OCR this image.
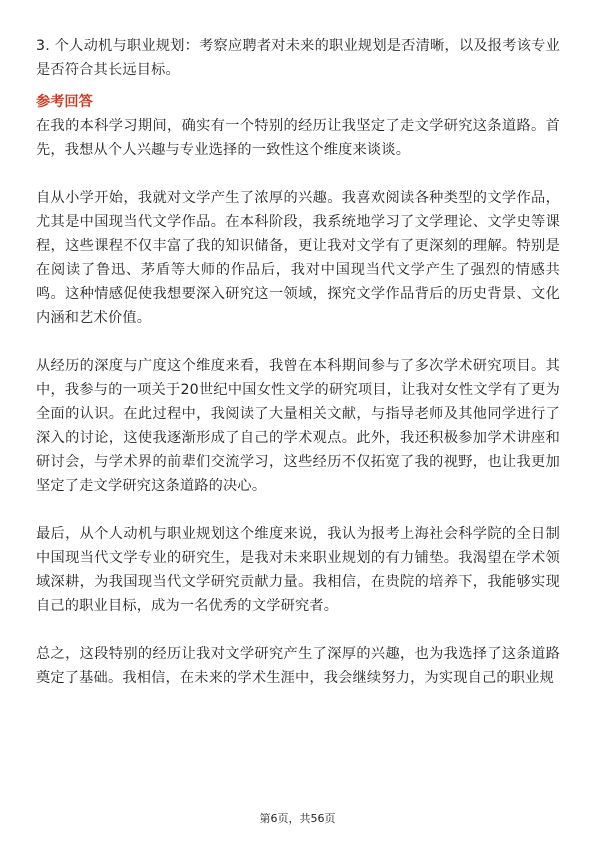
3. 个人动机与职业规划：考察应聘者对未来的职业规划是否清晰，以及报考该专业是否符合其长远目标。

参考回答

在我的本科学习期间，确实有一个特别的经历让我坚定了走文学研究这条道路。首先，我想从个人兴趣与专业选择的一致性这个维度来谈谈。

自从小学开始，我就对文学产生了浓厚的兴趣。我喜欢阅读各种类型的文学作品，尤其是中国现当代文学作品。在本科阶段，我系统地学习了文学理论、文学史等课程，这些课程不仅丰富了我的知识储备，更让我对文学有了更深刻的理解。特别是在阅读了鲁迅、茅盾等大师的作品后，我对中国现当代文学产生了强烈的情感共鸣。这种情感促使我想要深入研究这一领域，探究文学作品背后的历史背景、文化内涵和艺术价值。

从经历的深度与广度这个维度来看，我曾在本科期间参与了多次学术研究项目。其中，我参与的一项关于20世纪中国女性文学的研究项目，让我对女性文学有了更为全面的认识。在此过程中，我阅读了大量相关文献，与指导老师及其他同学进行了深入的讨论，这使我逐渐形成了自己的学术观点。此外，我还积极参加学术讲座和研讨会，与学术界的前辈们交流学习，这些经历不仅拓宽了我的视野，也让我更加坚定了走文学研究这条道路的决心。

最后，从个人动机与职业规划这个维度来说，我认为报考上海社会科学院的全日制中国现当代文学专业的研究生，是我对未来职业规划的有力铺垫。我渴望在学术领域深耕，为我国现当代文学研究贡献力量。我相信，在贵院的培养下，我能够实现自己的职业目标，成为一名优秀的文学研究者。

总之，这段特别的经历让我对文学研究产生了深厚的兴趣，也为我选择了这条道路奠定了基础。我相信，在未来的学术生涯中，我会继续努力，为实现自己的职业规

第6页，共56页
